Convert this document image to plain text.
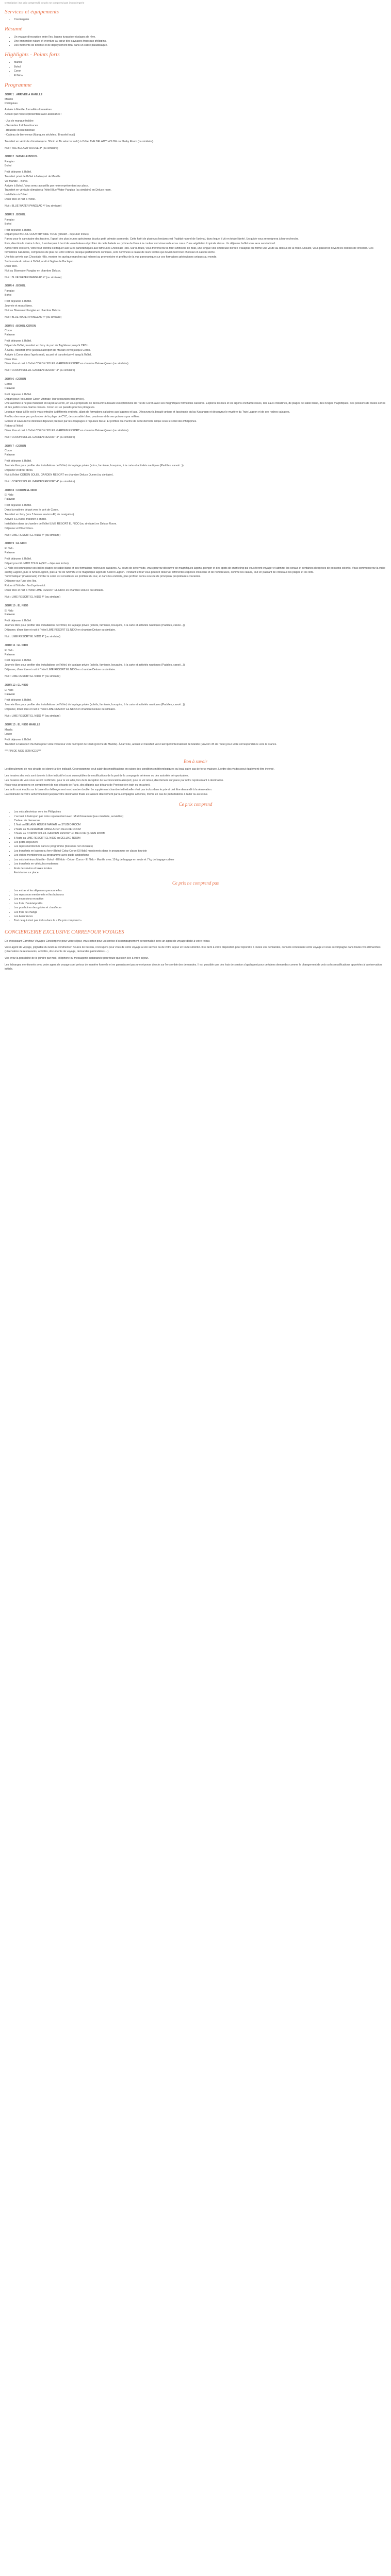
Description | Ce prix comprend | Ce prix ne comprend pas | Conciergerie
Services et équipements
• Conciergerie
Résumé
• Un voyage d'exception entre îles, lagons turquoise et plages de rêve.
• Une immersion nature et aventure au cœur des paysages tropicaux philippins.
• Des moments de détente et de dépaysement total dans un cadre paradisiaque.
Highlights - Points forts
• Manille
• Bohol
• Coron
• El Nido
Programme

JOUR 1 : ARRIVÉE À MANILLE

Manille

Philippines

Arrivée à Manille, formalités douanières.

Accueil par notre représentant avec assistance :

- Jus de mangue fraîche

- Serviettes fraîches/douces

- Bouteille d'eau minérale

- Cadeau de bienvenue (Mangues séchées / Bracelet local)

Transfert en véhicule climatisé (env. 30min et 1h selon le trafic) à l'hôtel THE BELAMY HOUSE ou Shaby Room (ou similaire).

Nuit : THE BELAMY HOUSE 3* (ou similaire)

JOUR 2 : MANILLE BOHOL

Panglao

Bohol

Petit déjeuner à l'hôtel.

Transfert privé de l'hôtel à l'aéroport de Manille.

Vol Manille – Bohol.

Arrivée à Bohol. Vous serez accueillis par notre représentant sur place.

Transfert en véhicule climatisé à l'hôtel Blue Water Panglao (ou similaire) en Deluxe room.

Installation à l'hôtel.

Dîner libre et nuit à l'hôtel.

Nuit : BLUE WATER PANGLAO 4* (ou similaire)

JOUR 3 : BOHOL

Panglao

Bohol

Petit déjeuner à l'hôtel.

Départ pour BOHOL COUNTRYSIDE TOUR (privatif – déjeuner inclus).

Partez pour le sanctuaire des tarsiers, l'appel des plus jeunes spécimens du plus petit primate au monde. Cette forêt de plusieurs hectares est l'habitat naturel de l'animal, dans lequel il vit en totale liberté. Un guide vous renseignera à leur recherche.

Puis, direction la rivière Loboc, à embarquer à bord de votre bateau et profitez de cette balade au rythme de l'eau à la couleur vert émeraude et au cœur d'une végétation tropicale dense. Un déjeuner buffet vous sera servi à bord.

Après votre croisière, votre tour continu s'attaquer aux vues panoramiques aux fameuses Chocolate Hills. Sur la route, vous traverserez la forêt artificielle de Bilar, une longue voie ombreuse bordée d'acajous qui forme une voûte au-dessus de la route. Ensuite, vous passerez devant les collines de chocolat. Ces formations naturelles, composées de plus de 1000 collines presque parfaitement coniques, sont nommées à cause de leurs teintes qui deviennent brun chocolat en saison sèche.

Une fois arrivés aux Chocolate Hills, montez les quelque marches qui mènent au promontoire et profitez de la vue panoramique sur ces formations géologiques uniques au monde.

Sur la route du retour à l'hôtel, arrêt à l'église de Baclayon.

Dîner libre.

Nuit au Bluewater Panglao en chambre Deluxe.

Nuit : BLUE WATER PANGLAO 4* (ou similaire)

JOUR 4 : BOHOL

Panglao

Bohol

Petit déjeuner à l'hôtel.

Journée et repas libres.

Nuit au Bluewater Panglao en chambre Deluxe.

Nuit : BLUE WATER PANGLAO 4* (ou similaire)

JOUR 5 : BOHOL CORON

Coron

Palawan

Petit déjeuner à l'hôtel.

Départ de l'hôtel, transfert en ferry du port de Tagbilaran jusqu'à CEBU.

À Cebu, transfert privé jusqu'à l'aéroport de Mactan et vol jusqu'à Coron.

Arrivée à Coron dans l'après-midi, accueil et transfert privé jusqu'à l'hôtel.

Dîner libre.

Dîner libre et nuit à l'hôtel CORON SOLEIL GARDEN RESORT en chambre Deluxe Queen (ou similaire).

Nuit : CORON SOLEIL GARDEN RESORT 4* (ou similaire)

JOUR 6 : CORON

Coron

Palawan

Petit déjeuner à l'hôtel.

Départ pour l'excursion Coron Ultimate Tour (excursion non privée).

Une aventure à ne pas manquer en kayak à Coron, en vous proposant de découvrir la beauté exceptionnelle de l'île de Coron avec ses magnifiques formations calcaires. Explorez les lacs et les lagons enchanteresses, des eaux cristallines, de plages de sable blanc, des rivages magnifiques, des poissons de toutes sortes et des jardins sous-marins colorés. Coron est un paradis pour les plongeurs.

Le pique-nique à l'île est le vous entraîne à différents endroits, allant de formations calcaires aux lagunes et lacs. Découvrez la beauté unique et fascinante du lac Kayangan et découvrez le mystère du Twin Lagoon et de ses roches calcaires.

Profitez des eaux peu profondes de la plage de CYC, de son sable blanc poudreux et de ses poissons par milliers.

Goûtez et savourez le délicieux déjeuner préparé par les équipages à l'épuisée bleue. Et profitez du charme de cette dernière crique sous le soleil des Philippines.

Retour à l'hôtel.

Dîner libre et nuit à l'hôtel CORON SOLEIL GARDEN RESORT en chambre Deluxe Queen (ou similaire).

Nuit : CORON SOLEIL GARDEN RESORT 4* (ou similaire)

JOUR 7 : CORON

Coron

Palawan

Petit déjeuner à l'hôtel.

Journée libre pour profiter des installations de l'hôtel, de la plage privée (soins, farniente, bouquins, à la carte et activités nautiques (Paddles, canoë...)).

Déjeuner et dîner libres.

Nuit à l'hôtel CORON SOLEIL GARDEN RESORT en chambre Deluxe Queen (ou similaire).

Nuit : CORON SOLEIL GARDEN RESORT 4* (ou similaire)

JOUR 8 : CORON EL NIDO

El Nido

Palawan

Petit déjeuner à l'hôtel.

Dans la matinée départ vers le port de Coron.

Transfert en ferry (env 3 heures environ 4h) de navigation).

Arrivée à El Nido, transfert à l'hôtel.

Installation dans la chambre de l'hôtel LIME RESORT EL NIDO (ou similaire) en Deluxe Room.

Déjeuner et Dîner libres.

Nuit : LIME RESORT EL NIDO 4* (ou similaire)

JOUR 9 : EL NIDO

El Nido

Palawan

Petit déjeuner à l'hôtel.

Départ pour EL NIDO TOUR A (SIC – déjeuner inclus).

El Nido est connu pour ses belles plages de sable blanc et ses formations rocheuses calcaires. Au cours de cette visite, vous pourrez découvrir de magnifiques lagons, plonger et des spots de snorkeling qui vous feront voyager et admirer les coraux et centaines d'espèces de poissons colorés. Vous commencerez la visite au Big Lagoon, puis le Small Lagoon, puis à l'île de Shimizu et le magnifique lagon de Secret Lagoon. Pendant le tour vous pourrez observer différentes espèces d'oiseaux et de nombreuses, comme les calaos, tout en passant de créneaux les plages et les îlots.

"Informatique" (maintenant) d'éviter le soleil est considérée en profitant du tour, et dans les endroits, plus profond connu sous le de principaux propriétaires courantes.

Déjeuner sur l'une des îles.

Retour à l'hôtel en fin d'après-midi.

Dîner libre et nuit à l'hôtel LIME RESORT EL NIDO en chambre Deluxe ou similaire.

Nuit : LIME RESORT EL NIDO 4* (ou similaire)

JOUR 10 : EL NIDO

El Nido

Palawan

Petit déjeuner à l'hôtel.

Journée libre pour profiter des installations de l'hôtel, de la plage privée (soleils, farniente, bouquins, à la carte et activités nautiques (Paddles, canoë...)).

Déjeuner, dîner libre et nuit à l'hôtel LIME RESORT EL NIDO en chambre Deluxe ou similaire.

Nuit : LIME RESORT EL NIDO 4* (ou similaire)

JOUR 11 : EL NIDO

El Nido

Palawan

Petit déjeuner à l'hôtel.

Journée libre pour profiter des installations de l'hôtel, de la plage privée (soleils, farniente, bouquins, à la carte et activités nautiques (Paddles, canoë...)).

Déjeuner, dîner libre et nuit à l'hôtel LIME RESORT EL NIDO en chambre Deluxe ou similaire.

Nuit : LIME RESORT EL NIDO 4* (ou similaire)

JOUR 12 : EL NIDO

El Nido

Palawan

Petit déjeuner à l'hôtel.

Journée libre pour profiter des installations de l'hôtel, de la plage privée (soleils, farniente, bouquins, à la carte et activités nautiques (Paddles, canoë...)).

Déjeuner, dîner libre et nuit à l'hôtel LIME RESORT EL NIDO en chambre Deluxe ou similaire.

Nuit : LIME RESORT EL NIDO 4* (ou similaire)

JOUR 13 : EL NIDO MANILLE

Manila

Luçon

Petit déjeuner à l'hôtel.

Transfert à l'aéroport d'El Nido pour votre vol retour vers l'aéroport de Clark (proche de Manille). À l'arrivée, accueil et transfert vers l'aéroport international de Manille (Environ 3h de route) pour votre correspondance vers la France.

*** FIN DE NOS SERVICES***

Bon à savoir

Le déroulement de nos circuits est donné à titre indicatif. Ce programme peut subir des modifications en raison des conditions météorologiques ou local autre cas de force majeure. L'ordre des visites peut également être inversé.

Les horaires des vols sont donnés à titre indicatif et sont susceptibles de modifications de la part de la compagnie aérienne ou des autorités aéroportuaires.

Les horaires de vols vous seront confirmés, pour le vol aller, lors de la réception de la convocation aéroport, pour le vol retour, directement sur place par notre représentant à destination.

Nous vous proposons en complément de nos départs de Paris, des départs aux départs de Province (en train ou en avion).

Les tarifs sont établis sur la base d'un hébergement en chambre double. Le supplément chambre individuelle n'est pas inclus dans le prix et doit être demandé à la réservation.

La continuité de votre acheminement jusqu'à votre destination finale est assuré directement par la compagnie aérienne, même en cas de perturbations à l'aller ou au retour.

Ce prix comprend
• Les vols aller/retour vers les Philippines
• L'accueil à l'aéroport par notre représentant avec rafraîchissement (eau minérale, serviettes)
• Cadeau de bienvenue
• 1 Nuit au BELAMY HOUSE MAKATI en STUDIO ROOM
• 2 Nuits au BLUEWATER PANGLAO en DELUXE ROOM
• 3 Nuits au CORON SOLEIL GARDEN RESORT en DELUXE QUEEN ROOM
• 5 Nuits au LIME RESORT EL NIDO en DELUXE ROOM
• Les petits-déjeuners
• Les repas mentionnés dans le programme (boissons non incluses)
• Les transferts en bateau ou ferry (Bohol-Cebu-Coron-El Nido) mentionnés dans le programme en classe touriste
• Les visites mentionnées au programme avec guide anglophone
• Les vols intérieurs Manille - Bohol - El Nido - Cebu - Coron - El Nido - Manille avec 10 kg de bagage en soute et 7 kg de bagage cabine
• Les transferts en véhicules modernes
• Frais de service et taxes locales
• Assistance sur place
Ce prix ne comprend pas
• Les extras et les dépenses personnelles
• Les repas non mentionnés et les boissons
• Les excursions en option
• Les frais d'entrée/portés
• Les pourboires des guides et chauffeurs
• Les frais de change
• Les Assurances
• Tout ce qui n'est pas inclus dans la « Ce prix comprend »
CONCIERGERIE EXCLUSIVE CARREFOUR VOYAGES

En choisissant Carrefour Voyages Conciergerie pour votre séjour, vous optez pour un service d'accompagnement personnalisé avec un agent de voyage dédié à votre retour.

Votre agent de voyage, joignable du lundi au vendredi en heures de bureau, s'occupera pour vous de votre voyage à son service ou de votre séjour en toute sérénité. Il se tient à votre disposition pour répondre à toutes vos demandes, conseils concernant votre voyage et vous accompagne dans toutes vos démarches (réservation de restaurants, activités, documents de voyage, demandes particulières ...).

Vos avez la possibilité de le joindre par mail, téléphone ou messagerie instantanée pour toute question liée à votre séjour.

Les échanges mentionnés avec votre agent de voyage sont prévus de manière formelle et ne garantissent pas une réponse directe sur l'ensemble des demandes. Il est possible que des frais de service s'appliquent pour certaines demandes comme le changement de vols ou les modifications apportées à la réservation initiale.
